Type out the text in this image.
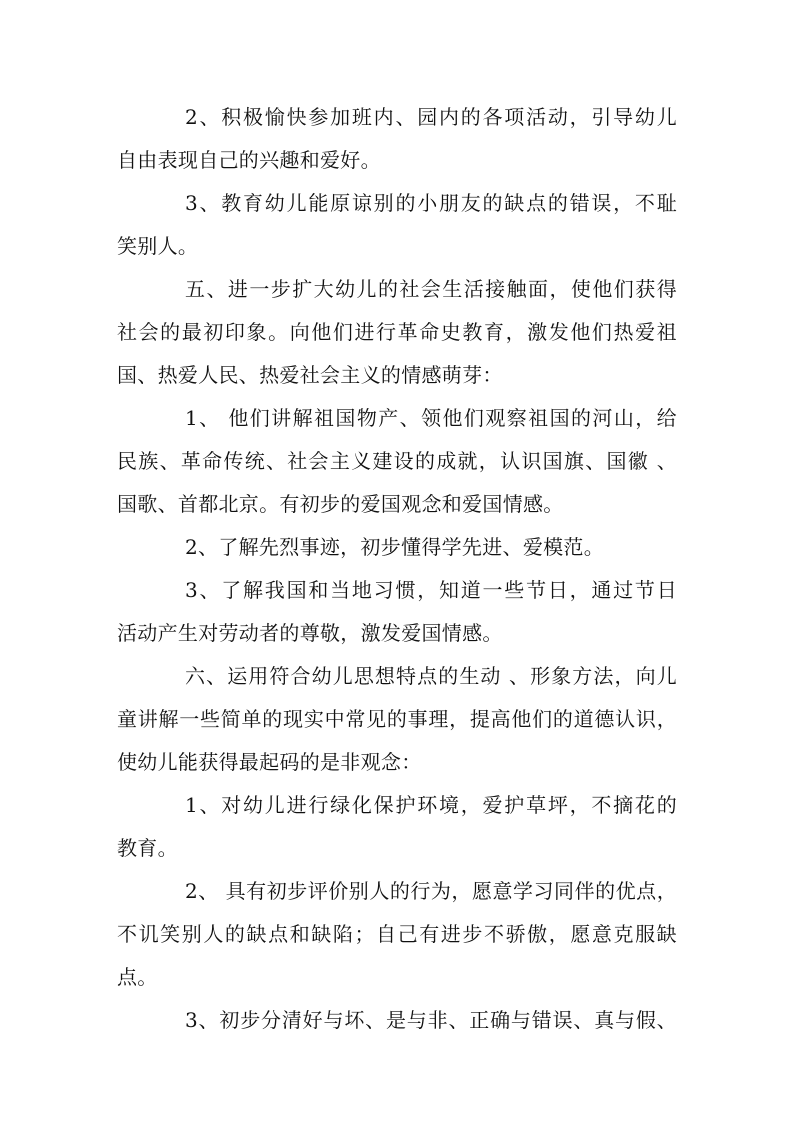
2、积极愉快参加班内、园内的各项活动，引导幼儿
自由表现自己的兴趣和爱好。
3、教育幼儿能原谅别的小朋友的缺点的错误，不耻
笑别人。
五、进一步扩大幼儿的社会生活接触面，使他们获得
社会的最初印象。向他们进行革命史教育，激发他们热爱祖
国、热爱人民、热爱社会主义的情感萌芽：
1、 他们讲解祖国物产、领他们观察祖国的河山，给
民族、革命传统、社会主义建设的成就，认识国旗、国徽 、
国歌、首都北京。有初步的爱国观念和爱国情感。
2、了解先烈事迹，初步懂得学先进、爱模范。
3、了解我国和当地习惯，知道一些节日，通过节日
活动产生对劳动者的尊敬，激发爱国情感。
六、运用符合幼儿思想特点的生动 、形象方法，向儿
童讲解一些简单的现实中常见的事理，提高他们的道德认识，
使幼儿能获得最起码的是非观念：
1、对幼儿进行绿化保护环境，爱护草坪，不摘花的
教育。
2、 具有初步评价别人的行为，愿意学习同伴的优点，
不讥笑别人的缺点和缺陷；自己有进步不骄傲，愿意克服缺
点。
3、初步分清好与坏、是与非、正确与错误、真与假、
